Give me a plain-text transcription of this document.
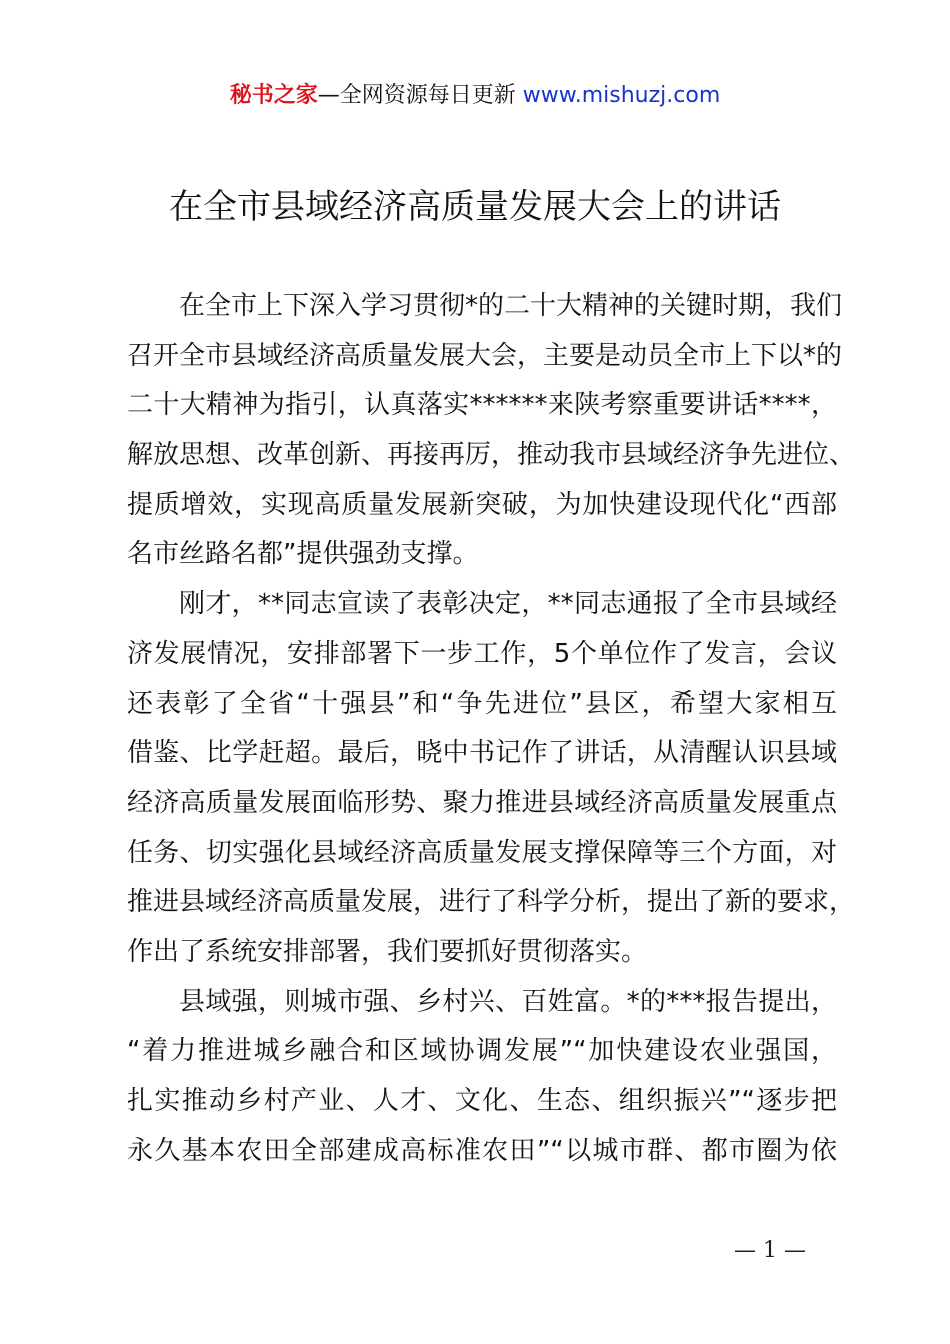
秘书之家—全网资源每日更新 www.mishuzj.com
在全市县域经济高质量发展大会上的讲话
在全市上下深入学习贯彻*的二十大精神的关键时期，我们
召开全市县域经济高质量发展大会，主要是动员全市上下以*的
二十大精神为指引，认真落实******来陕考察重要讲话****，
解放思想、改革创新、再接再厉，推动我市县域经济争先进位、
提质增效，实现高质量发展新突破，为加快建设现代化“西部
名市丝路名都”提供强劲支撑。
刚才，**同志宣读了表彰决定，**同志通报了全市县域经
济发展情况，安排部署下一步工作，5个单位作了发言，会议
还表彰了全省“十强县”和“争先进位”县区，希望大家相互
借鉴、比学赶超。最后，晓中书记作了讲话，从清醒认识县域
经济高质量发展面临形势、聚力推进县域经济高质量发展重点
任务、切实强化县域经济高质量发展支撑保障等三个方面，对
推进县域经济高质量发展，进行了科学分析，提出了新的要求，
作出了系统安排部署，我们要抓好贯彻落实。
县域强，则城市强、乡村兴、百姓富。*的***报告提出，
“着力推进城乡融合和区域协调发展”“加快建设农业强国，
扎实推动乡村产业、人才、文化、生态、组织振兴”“逐步把
永久基本农田全部建成高标准农田”“以城市群、都市圈为依
— 1 —
